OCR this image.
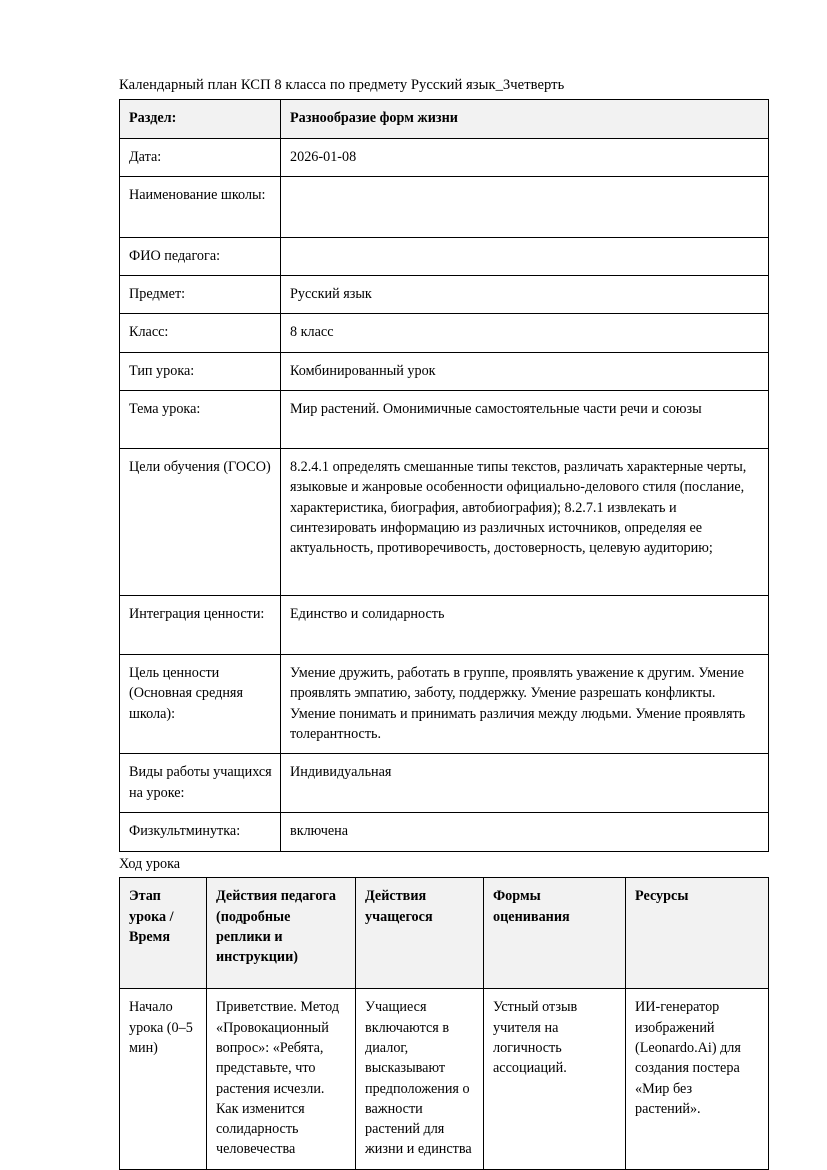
Календарный план КСП 8 класса по предмету Русский язык_3четверть
Раздел:	Разнообразие форм жизни
Дата:	2026-01-08
Наименование школы:	
ФИО педагога:	
Предмет:	Русский язык
Класс:	8 класс
Тип урока:	Комбинированный урок
Тема урока:	Мир растений. Омонимичные самостоятельные части речи и союзы
Цели обучения (ГОСО)	8.2.4.1 определять смешанные типы текстов, различать характерные черты, языковые и жанровые особенности официально-делового стиля (послание, характеристика, биография, автобиография); 8.2.7.1 извлекать и синтезировать информацию из различных источников, определяя ее актуальность, противоречивость, достоверность, целевую аудиторию;
Интеграция ценности:	Единство и солидарность
Цель ценности (Основная средняя школа):	Умение дружить, работать в группе, проявлять уважение к другим. Умение проявлять эмпатию, заботу, поддержку. Умение разрешать конфликты. Умение понимать и принимать различия между людьми. Умение проявлять толерантность.
Виды работы учащихся на уроке:	Индивидуальная
Физкультминутка:	включена
Ход урока
Этап урока / Время	Действия педагога (подробные реплики и инструкции)	Действия учащегося	Формы оценивания	Ресурсы
Начало урока (0–5 мин)	Приветствие. Метод «Провокационный вопрос»: «Ребята, представьте, что растения исчезли. Как изменится солидарность человечества	Учащиеся включаются в диалог, высказывают предположения о важности растений для жизни и единства	Устный отзыв учителя на логичность ассоциаций.	ИИ-генератор изображений (Leonardo.Ai) для создания постера «Мир без растений».
